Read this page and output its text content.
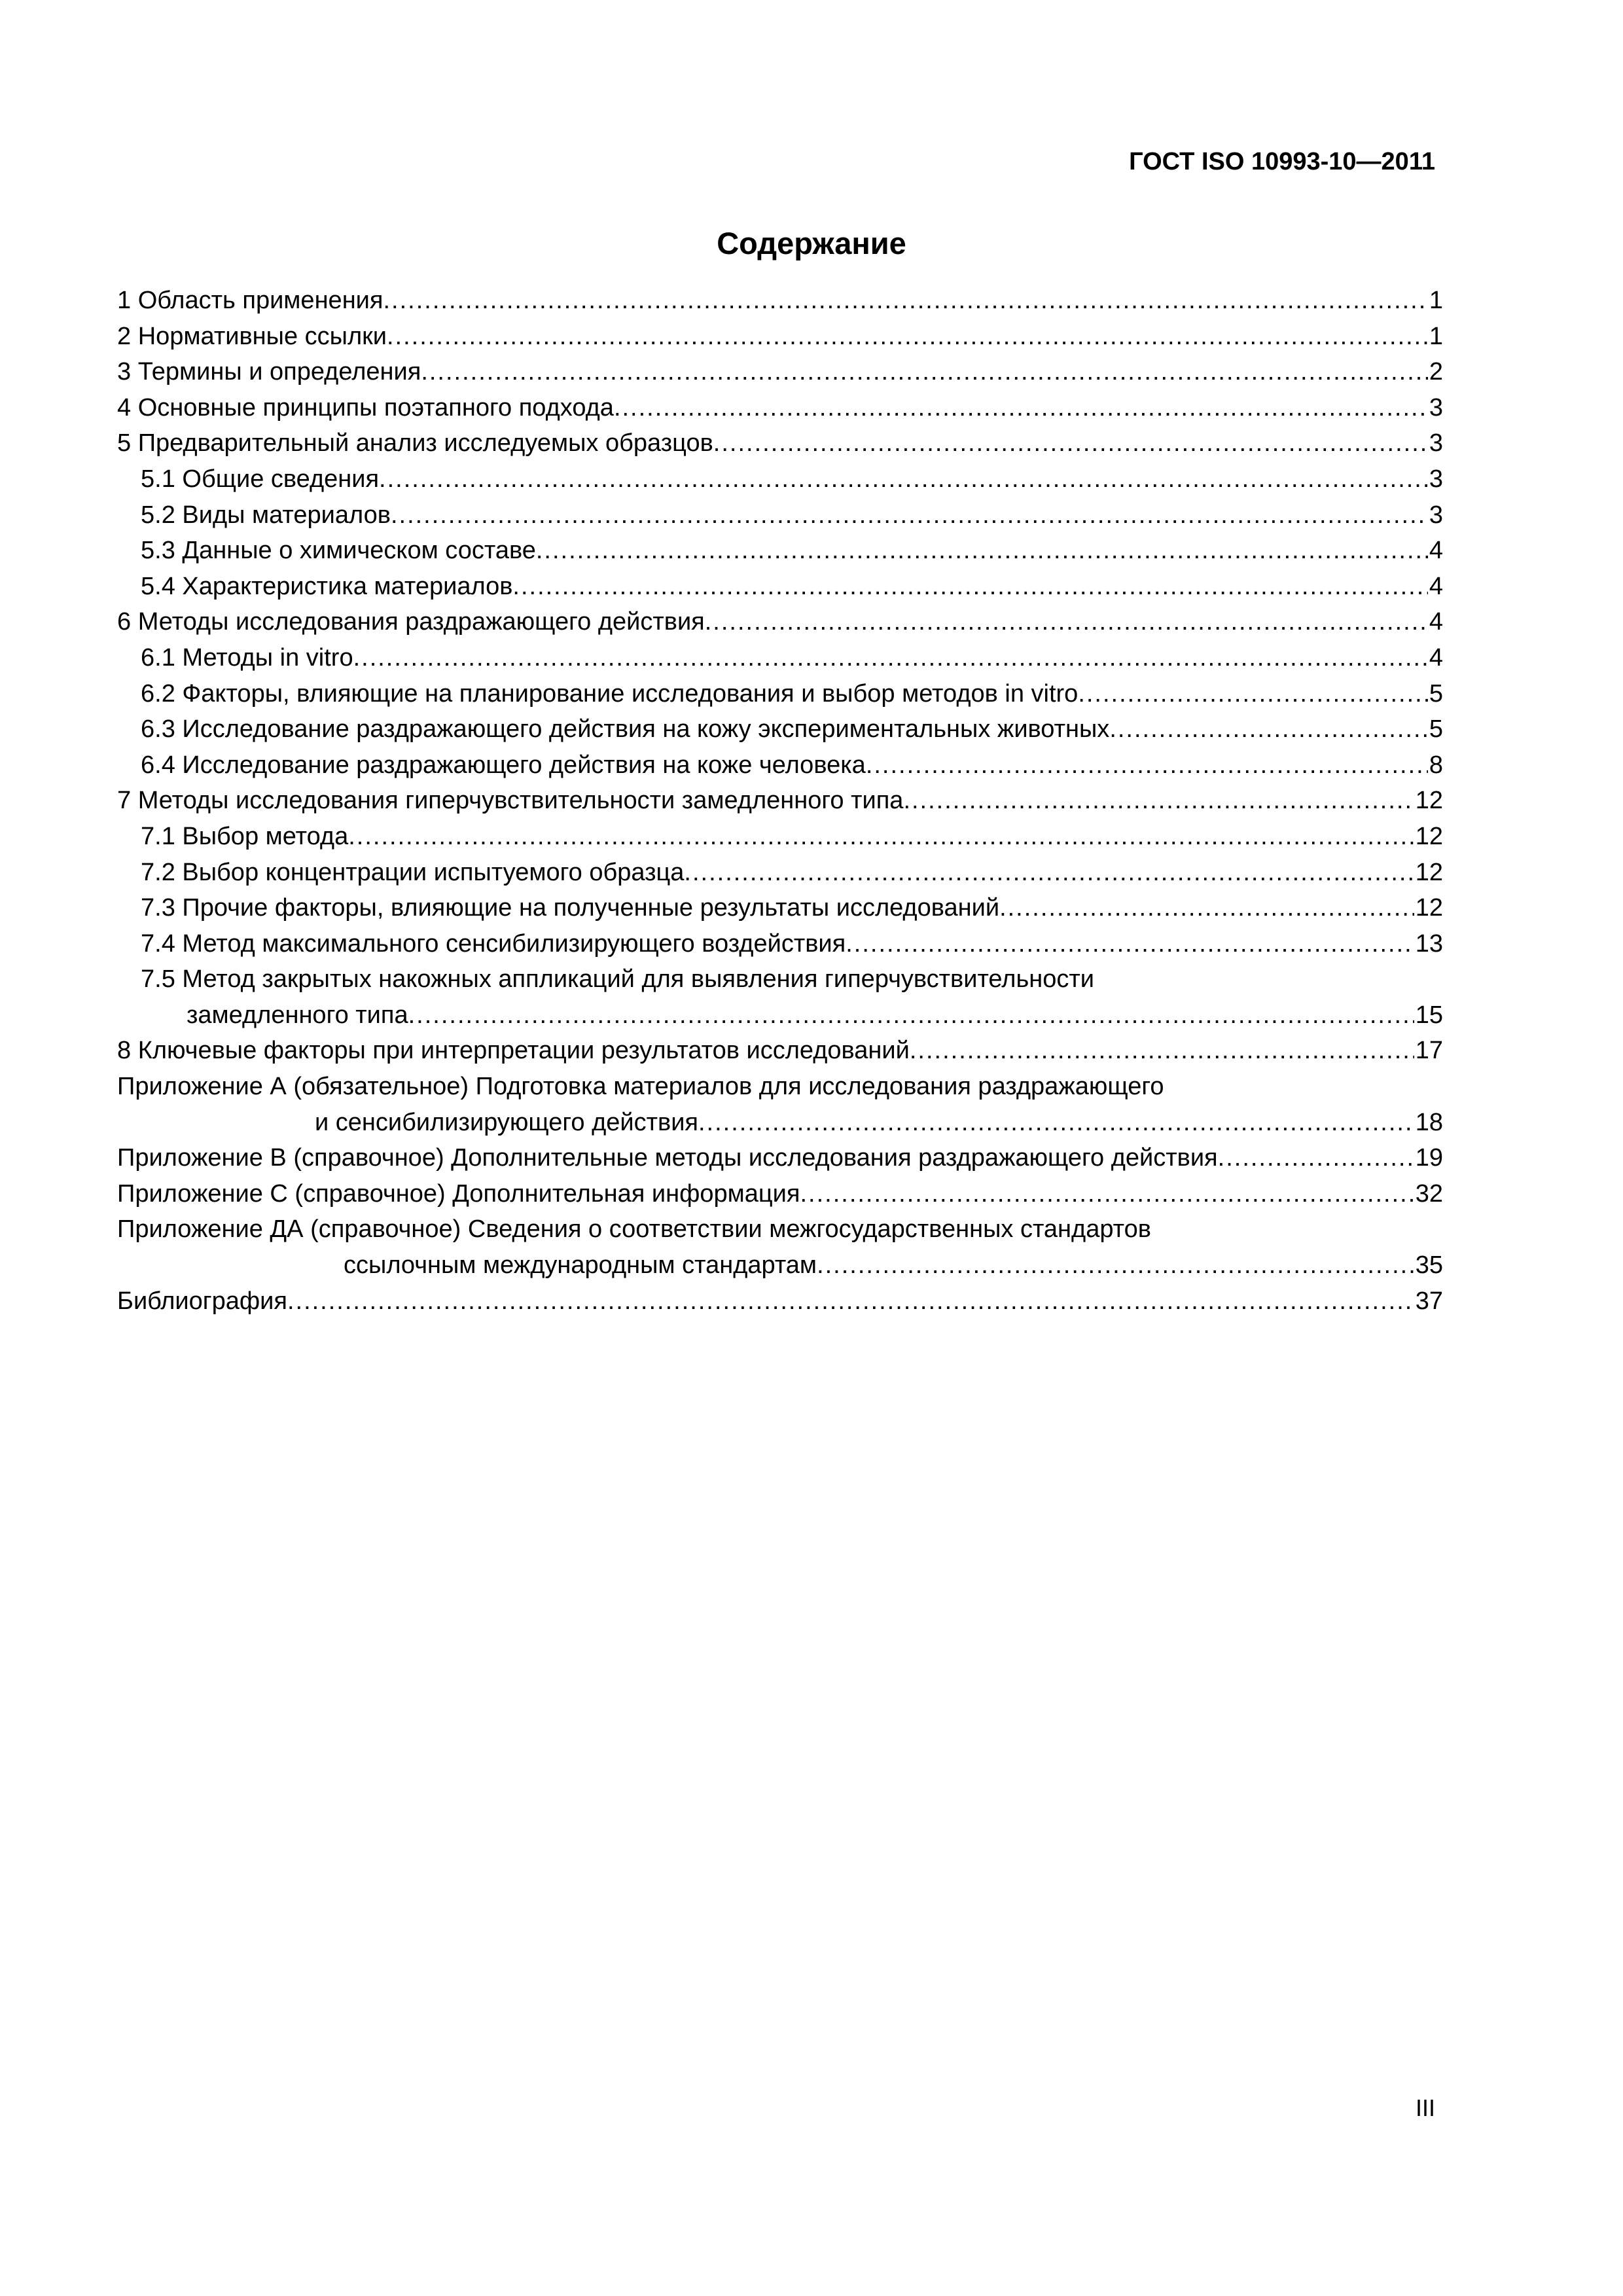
ГОСТ ISO 10993-10—2011
Содержание
1 Область применения .....	1
2 Нормативные ссылки .....	1
3 Термины и определения .....	2
4 Основные принципы поэтапного подхода .....	3
5 Предварительный анализ исследуемых образцов .....	3
5.1 Общие сведения .....	3
5.2 Виды материалов .....	3
5.3 Данные о химическом составе .....	4
5.4 Характеристика материалов .....	4
6 Методы исследования раздражающего действия .....	4
6.1 Методы in vitro .....	4
6.2 Факторы, влияющие на планирование исследования и выбор методов in vitro .....	5
6.3 Исследование раздражающего действия на кожу экспериментальных животных .....	5
6.4 Исследование раздражающего действия на коже человека .....	8
7 Методы исследования гиперчувствительности замедленного типа .....	12
7.1 Выбор метода .....	12
7.2 Выбор концентрации испытуемого образца .....	12
7.3 Прочие факторы, влияющие на полученные результаты исследований .....	12
7.4 Метод максимального сенсибилизирующего воздействия .....	13
7.5 Метод закрытых накожных аппликаций для выявления гиперчувствительности
замедленного типа .....	15
8 Ключевые факторы при интерпретации результатов исследований .....	17
Приложение А (обязательное) Подготовка материалов для исследования раздражающего
и сенсибилизирующего действия .....	18
Приложение В (справочное) Дополнительные методы исследования раздражающего действия .....	19
Приложение С (справочное) Дополнительная информация .....	32
Приложение ДА (справочное) Сведения о соответствии межгосударственных стандартов
ссылочным международным стандартам .....	35
Библиография .....	37
III
